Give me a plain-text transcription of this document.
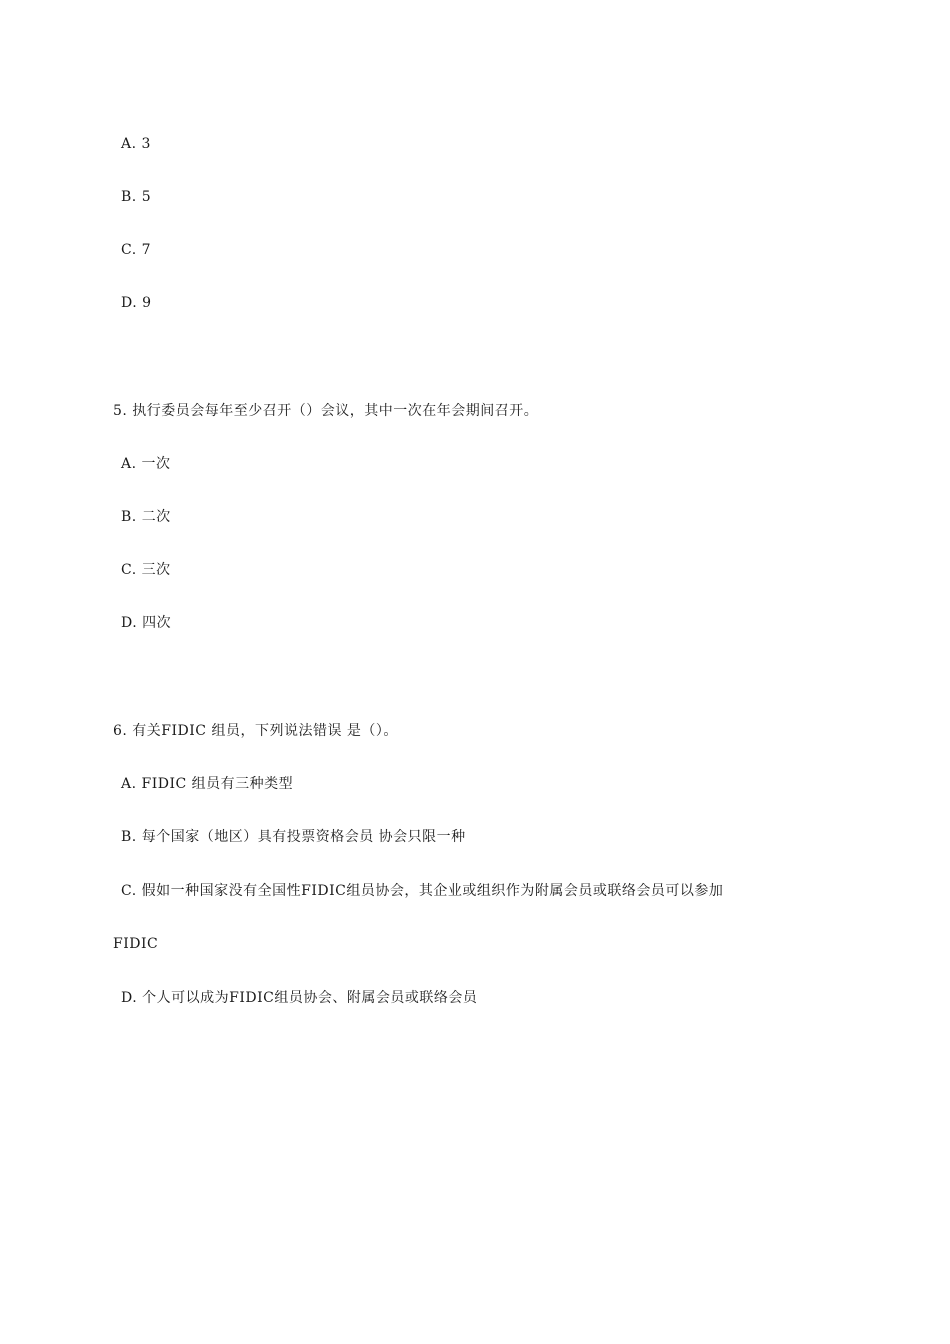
A. 3
B. 5
C. 7
D. 9
5. 执行委员会每年至少召开（）会议，其中一次在年会期间召开。
A. 一次
B. 二次
C. 三次
D. 四次
6. 有关FIDIC 组员，下列说法错误 是（）。
A. FIDIC 组员有三种类型
B. 每个国家（地区）具有投票资格会员 协会只限一种
C. 假如一种国家没有全国性FIDIC组员协会，其企业或组织作为附属会员或联络会员可以参加
FIDIC
D. 个人可以成为FIDIC组员协会、附属会员或联络会员
